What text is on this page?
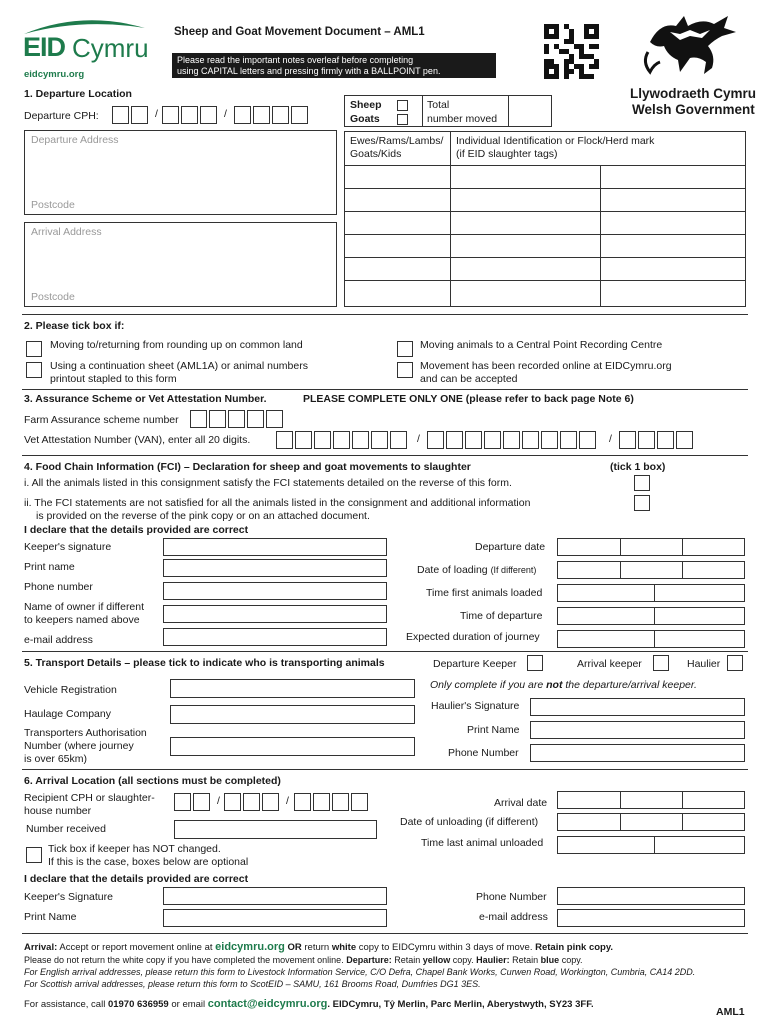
EID Cymru
eidcymru.org
Sheep and Goat Movement Document – AML1
Please read the important notes overleaf before completing
using CAPITAL letters and pressing firmly with a BALLPOINT pen.
Llywodraeth Cymru
Welsh Government
1. Departure Location
Departure CPH:	/	/
Departure Address
Postcode
Arrival Address
Postcode
Sheep
Goats
Total
number moved
Ewes/Rams/Lambs/
Goats/Kids
Individual Identification or Flock/Herd mark
(if EID slaughter tags)
2. Please tick box if:
Moving to/returning from rounding up on common land
Using a continuation sheet (AML1A) or animal numbers
printout stapled to this form
Moving animals to a Central Point Recording Centre
Movement has been recorded online at EIDCymru.org
and can be accepted
3. Assurance Scheme or Vet Attestation Number.	PLEASE COMPLETE ONLY ONE (please refer to back page Note 6)
Farm Assurance scheme number
Vet Attestation Number (VAN), enter all 20 digits.	/	/
4. Food Chain Information (FCI) – Declaration for sheep and goat movements to slaughter	(tick 1 box)
i. All the animals listed in this consignment satisfy the FCI statements detailed on the reverse of this form.
ii. The FCI statements are not satisfied for all the animals listed in the consignment and additional information
is provided on the reverse of the pink copy or on an attached document.
I declare that the details provided are correct
Keeper's signature
Print name
Phone number
Name of owner if different
to keepers named above
e-mail address
Departure date
Date of loading (If different)
Time first animals loaded
Time of departure
Expected duration of journey
5. Transport Details – please tick to indicate who is transporting animals	Departure Keeper	Arrival keeper	Haulier
Only complete if you are not the departure/arrival keeper.
Vehicle Registration
Haulage Company
Transporters Authorisation
Number (where journey
is over 65km)
Haulier's Signature
Print Name
Phone Number
6. Arrival Location (all sections must be completed)
Recipient CPH or slaughter-
house number
/	/
Number received
Tick box if keeper has NOT changed.
If this is the case, boxes below are optional
I declare that the details provided are correct
Keeper's Signature
Print Name
Arrival date
Date of unloading (if different)
Time last animal unloaded
Phone Number
e-mail address
Arrival: Accept or report movement online at eidcymru.org OR return white copy to EIDCymru within 3 days of move. Retain pink copy.
Please do not return the white copy if you have completed the movement online. Departure: Retain yellow copy. Haulier: Retain blue copy.
For English arrival addresses, please return this form to Livestock Information Service, C/O Defra, Chapel Bank Works, Curwen Road, Workington, Cumbria, CA14 2DD.
For Scottish arrival addresses, please return this form to ScotEID – SAMU, 161 Brooms Road, Dumfries DG1 3ES.
For assistance, call 01970 636959 or email contact@eidcymru.org. EIDCymru, Tŷ Merlin, Parc Merlin, Aberystwyth, SY23 3FF.
AML1
